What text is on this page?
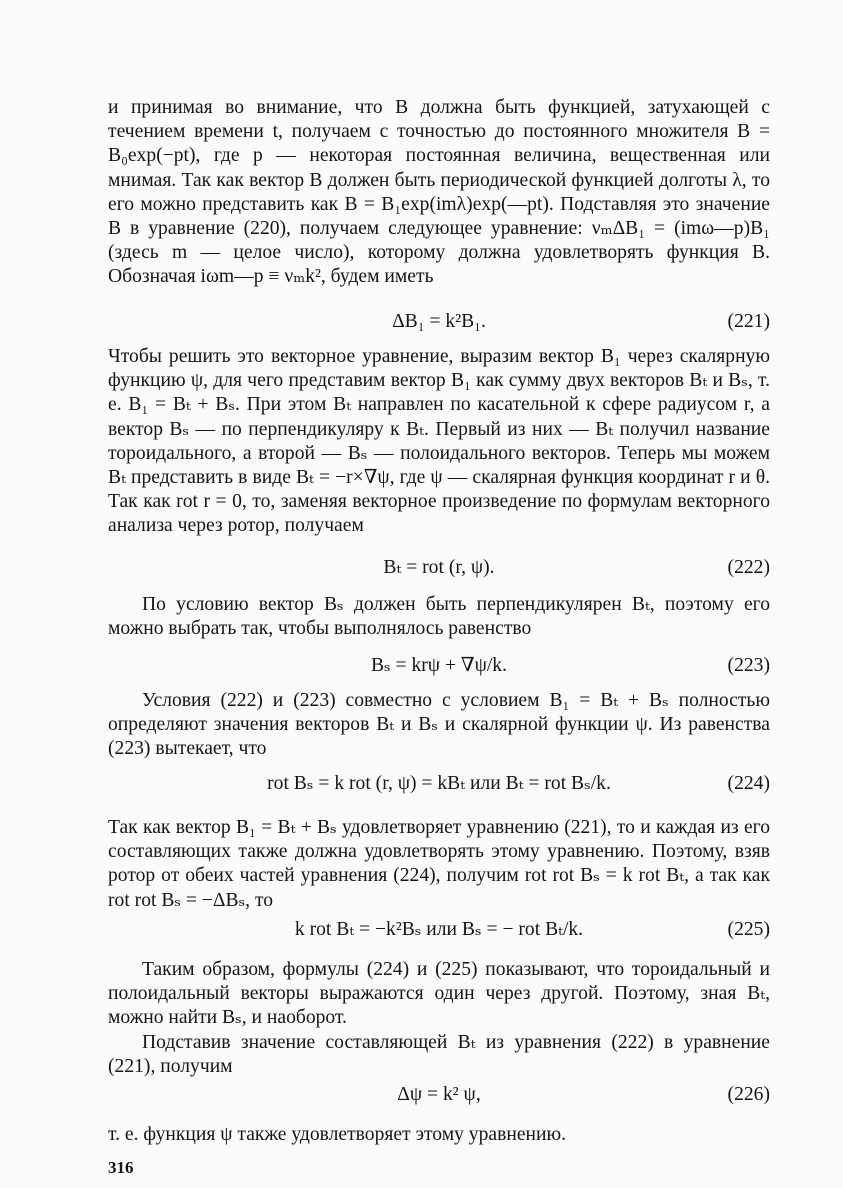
и принимая во внимание, что B должна быть функцией, затухающей с течением времени t, получаем с точностью до постоянного множителя B = B₀exp(−pt), где p — некоторая постоянная величина, вещественная или мнимая. Так как вектор B должен быть периодической функцией долготы λ, то его можно представить как B = B₁exp(imλ)exp(—pt). Подставляя это значение B в уравнение (220), получаем следующее уравнение: νₘΔB₁ = (imω—p)B₁ (здесь m — целое число), которому должна удовлетворять функция B. Обозначая iωm—p ≡ νₘk², будем иметь

ΔB₁ = k²B₁.	(221)

Чтобы решить это векторное уравнение, выразим вектор B₁ через скалярную функцию ψ, для чего представим вектор B₁ как сумму двух векторов Bₜ и Bₛ, т. е. B₁ = Bₜ + Bₛ. При этом Bₜ направлен по касательной к сфере радиусом r, а вектор Bₛ — по перпендикуляру к Bₜ. Первый из них — Bₜ получил название тороидального, а второй — Bₛ — полоидального векторов. Теперь мы можем Bₜ представить в виде Bₜ = −r×∇ψ, где ψ — скалярная функция координат r и θ. Так как rot r = 0, то, заменяя векторное произведение по формулам векторного анализа через ротор, получаем

Bₜ = rot (r, ψ).	(222)

По условию вектор Bₛ должен быть перпендикулярен Bₜ, поэтому его можно выбрать так, чтобы выполнялось равенство

Bₛ = krψ + ∇ψ/k.	(223)

Условия (222) и (223) совместно с условием B₁ = Bₜ + Bₛ полностью определяют значения векторов Bₜ и Bₛ и скалярной функции ψ. Из равенства (223) вытекает, что

rot Bₛ = k rot (r, ψ) = kBₜ или Bₜ = rot Bₛ/k.	(224)

Так как вектор B₁ = Bₜ + Bₛ удовлетворяет уравнению (221), то и каждая из его составляющих также должна удовлетворять этому уравнению. Поэтому, взяв ротор от обеих частей уравнения (224), получим rot rot Bₛ = k rot Bₜ, а так как rot rot Bₛ = −ΔBₛ, то

k rot Bₜ = −k²Bₛ или Bₛ = − rot Bₜ/k.	(225)

Таким образом, формулы (224) и (225) показывают, что тороидальный и полоидальный векторы выражаются один через другой. Поэтому, зная Bₜ, можно найти Bₛ, и наоборот.

Подставив значение составляющей Bₜ из уравнения (222) в уравнение (221), получим

Δψ = k² ψ,	(226)

т. е. функция ψ также удовлетворяет этому уравнению.

316
